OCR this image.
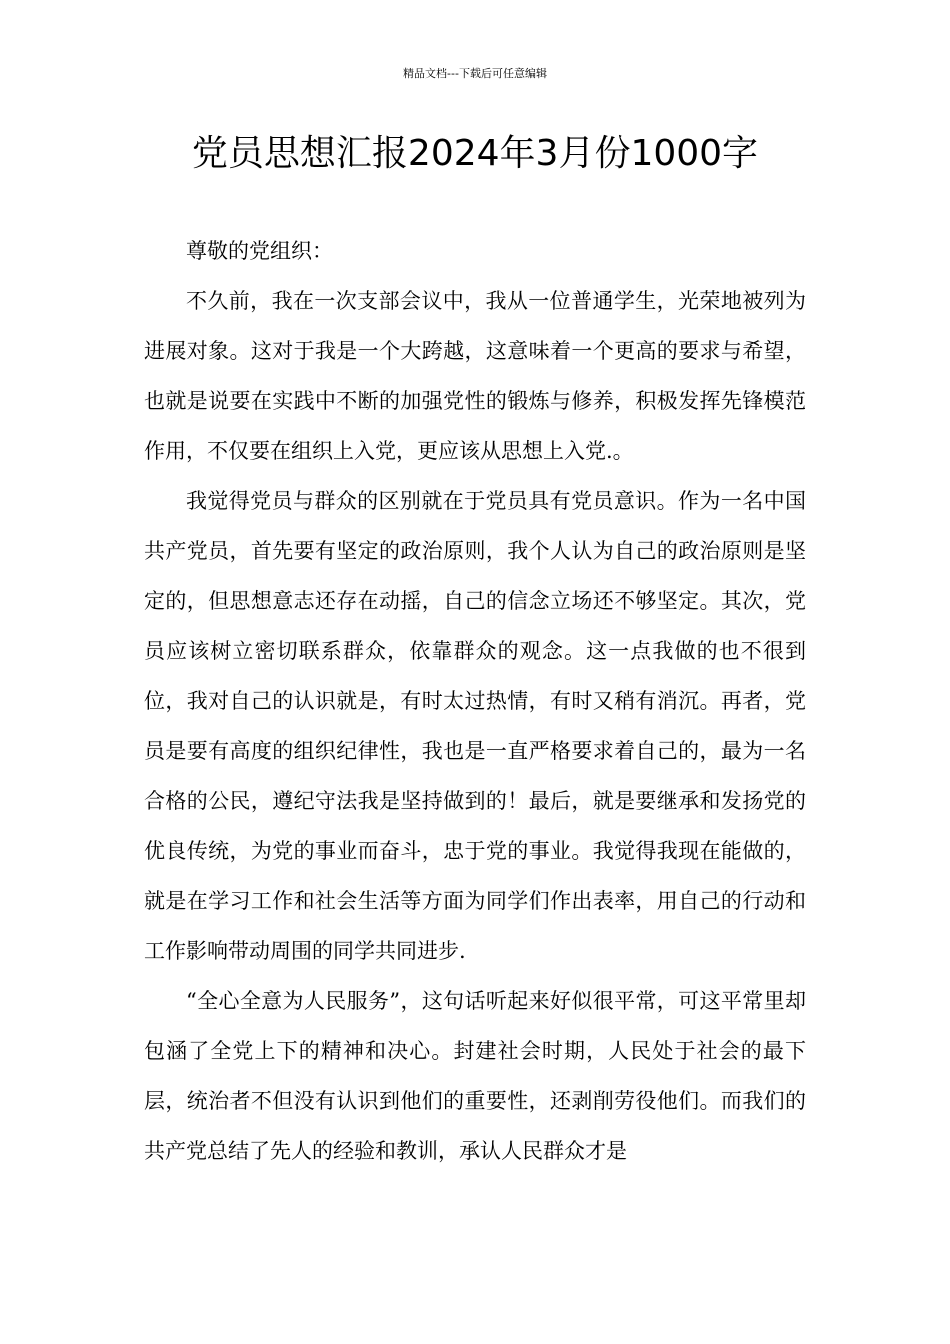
精品文档---下载后可任意编辑
党员思想汇报2024年3月份1000字

尊敬的党组织：

不久前，我在一次支部会议中，我从一位普通学生，光荣地被列为进展对象。这对于我是一个大跨越，这意味着一个更高的要求与希望，也就是说要在实践中不断的加强党性的锻炼与修养，积极发挥先锋模范作用，不仅要在组织上入党，更应该从思想上入党.。

我觉得党员与群众的区别就在于党员具有党员意识。作为一名中国共产党员，首先要有坚定的政治原则，我个人认为自己的政治原则是坚定的，但思想意志还存在动摇，自己的信念立场还不够坚定。其次，党员应该树立密切联系群众，依靠群众的观念。这一点我做的也不很到位，我对自己的认识就是，有时太过热情，有时又稍有消沉。再者，党员是要有高度的组织纪律性，我也是一直严格要求着自己的，最为一名合格的公民，遵纪守法我是坚持做到的！最后，就是要继承和发扬党的优良传统，为党的事业而奋斗，忠于党的事业。我觉得我现在能做的，就是在学习工作和社会生活等方面为同学们作出表率，用自己的行动和工作影响带动周围的同学共同进步.

“全心全意为人民服务”，这句话听起来好似很平常，可这平常里却包涵了全党上下的精神和决心。封建社会时期，人民处于社会的最下层，统治者不但没有认识到他们的重要性，还剥削劳役他们。而我们的共产党总结了先人的经验和教训，承认人民群众才是
